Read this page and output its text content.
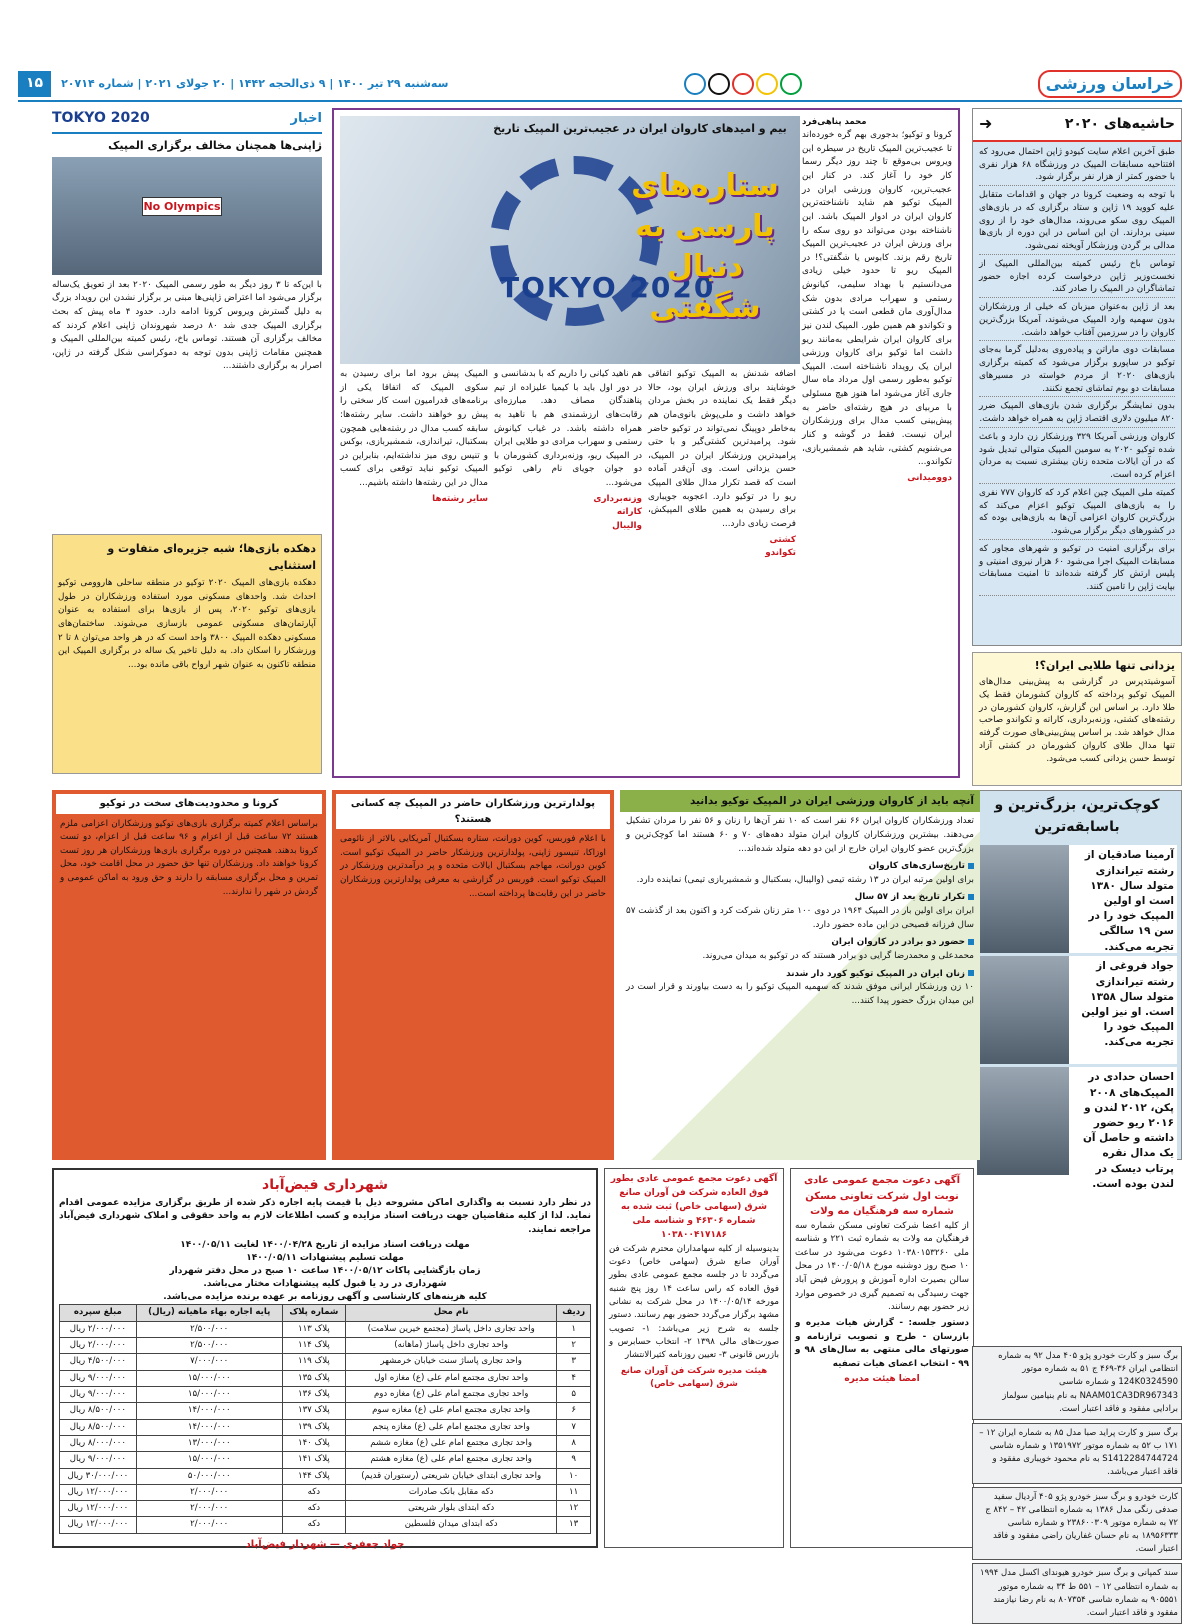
خراسان ورزشی
سه‌شنبه ۲۹ تیر ۱۴۰۰ | ۹ ذی‌الحجه ۱۴۴۲ | ۲۰ جولای ۲۰۲۱ | شماره ۲۰۷۱۴
۱۵
حاشیه‌های ۲۰۲۰
➜

طبق آخرین اعلام سایت کیودو ژاپن احتمال می‌رود که افتتاحیه مسابقات المپیک در ورزشگاه ۶۸ هزار نفری با حضور کمتر از هزار نفر برگزار شود.

با توجه به وضعیت کرونا در جهان و اقدامات متقابل علیه کووید ۱۹ ژاپن و ستاد برگزاری که در بازی‌های المپیک روی سکو می‌روند، مدال‌های خود را از روی سینی بردارند. ان این اساس در این دوره از بازی‌ها مدالی بر گردن ورزشکار آویخته نمی‌شود.

توماس باخ رئیس کمیته بین‌المللی المپیک از نخست‌وزیر ژاپن درخواست کرده اجازه حضور تماشاگران در المپیک را صادر کند.

بعد از ژاپن به‌عنوان میزبان که خیلی از ورزشکاران بدون سهمیه وارد المپیک می‌شوند، آمریکا بزرگ‌ترین کاروان را در سرزمین آفتاب خواهد داشت.

مسابقات دوی ماراتن و پیاده‌روی به‌دلیل گرما به‌جای توکیو در ساپورو برگزار می‌شود که کمیته برگزاری بازی‌های ۲۰۲۰ از مردم خواسته در مسیرهای مسابقات دو بوم تماشای تجمع نکنند.

بدون نمایشگر برگزاری شدن بازی‌های المپیک ضرر ۸۲۰ میلیون دلاری اقتصاد ژاپن به همراه خواهد داشت.

کاروان ورزشی آمریکا ۳۲۹ ورزشکار زن دارد و باعث شده توکیو ۲۰۲۰ به سومین المپیک متوالی تبدیل شود که در آن ایالات متحده زنان بیشتری نسبت به مردان اعزام کرده است.

کمیته ملی المپیک چین اعلام کرد که کاروان ۷۷۷ نفری را به بازی‌های المپیک توکیو اعزام می‌کند که بزرگ‌ترین کاروان اعزامی آن‌ها به بازی‌هایی بوده که در کشورهای دیگر برگزار می‌شود.

برای برگزاری امنیت در توکیو و شهرهای مجاور که مسابقات المپیک اجرا می‌شود ۶۰ هزار نیروی امنیتی و پلیس ارتش کار گرفته شده‌اند تا امنیت مسابقات بپایت ژاپن را تامین کنند.

یزدانی تنها طلایی ایران؟!

آسوشیتدپرس در گزارشی به پیش‌بینی مدال‌های المپیک توکیو پرداخته که کاروان کشورمان فقط یک طلا دارد. بر اساس این گزارش، کاروان کشورمان در رشته‌های کشتی، وزنه‌برداری، کاراته و تکواندو صاحب مدال خواهد شد. بر اساس پیش‌بینی‌های صورت گرفته تنها مدال طلای کاروان کشورمان در کشتی آزاد توسط حسن یزدانی کسب می‌شود.

کوچک‌ترین، بزرگ‌ترین و باسابقه‌ترین
آرمینا صادقیان از رشته تیراندازی متولد سال ۱۳۸۰ است او اولین المپیک خود را در سن ۱۹ سالگی تجربه می‌کند.
جواد فروغی از رشته تیراندازی متولد سال ۱۳۵۸ است. او نیز اولین المپیک خود را تجربه می‌کند.
احسان حدادی در المپیک‌های ۲۰۰۸ پکن، ۲۰۱۲ لندن و ۲۰۱۶ ریو حضور داشته و حاصل آن یک مدال نقره پرتاب دیسک در لندن بوده است.
TOKYO 2020
بیم و امیدهای کاروان ایران در عجیب‌ترین المپیک تاریخ
ستاره‌های پارسی به دنبال شگفتی
محمد پناهی‌فرد

کرونا و توکیو؛ بدجوری بهم گره خورده‌اند تا عجیب‌ترین المپیک تاریخ در سیطره این ویروس بی‌موقع تا چند روز دیگر رسما کار خود را آغاز کند. در کنار این عجیب‌ترین، کاروان ورزشی ایران در المپیک توکیو هم شاید ناشناخته‌ترین کاروان ایران در ادوار المپیک باشد. این ناشناخته بودن می‌تواند دو روی سکه را برای ورزش ایران در عجیب‌ترین المپیک تاریخ رقم بزند. کابوس یا شگفتی؟! در المپیک ریو تا حدود خیلی زیادی می‌دانستیم با بهداد سلیمی، کیانوش رستمی و سهراب مرادی بدون شک مدال‌آوری مان قطعی است یا در کشتی و تکواندو هم همین طور. المپیک لندن نیز برای کاروان ایران شرایطی به‌مانند ریو داشت اما توکیو برای کاروان ورزشی ایران یک رویداد ناشناخته است. المپیک توکیو به‌طور رسمی اول مرداد ماه سال جاری آغاز می‌شود اما هنوز هیچ مسئولی با مربیای در هیچ رشته‌ای حاضر به پیش‌بینی کسب مدال برای ورزشکاران ایران نیست. فقط در گوشه و کنار می‌شنویم کشتی، شاید هم شمشیربازی، تکواندو...

دوومیدانی

اضافه شدنش به المپیک توکیو اتفاقی خوشایند برای ورزش ایران بود، حالا دیگر فقط یک نماینده در بخش مردان خواهد داشت و ملی‌پوش بانوی‌مان هم به‌خاطر دوپینگ نمی‌تواند در توکیو حاضر شود. پرامیدترین کشتی‌گیر و با حتی پرامیدترین ورزشکار ایران در المپیک، حسن یزدانی است. وی آن‌قدر آماده است که قصد تکرار مدال طلای المپیک ریو را در توکیو دارد. اعجوبه جویباری برای رسیدن به همین طلای المپیکش، فرصت زیادی دارد...

کشتی
تکواندو

هم ناهید کیانی را داریم که با بدشانسی و در دور اول باید با کیمیا علیزاده از تیم پناهندگان مصاف دهد. مبارزه‌ای رقابت‌های ارزشمندی هم با ناهید به همراه داشته باشد. در غیاب کیانوش رستمی و سهراب مرادی دو طلایی ایران در المپیک ریو، وزنه‌برداری کشورمان با دو جوان جویای نام راهی توکیو می‌شود...

وزنه‌برداری
کاراته
والیبال

المپیک پیش برود اما برای رسیدن به سکوی المپیک که اتفاقا یکی از برنامه‌های قدرامیون است کار سختی را پیش رو خواهند داشت. سایر رشته‌ها: سابقه کسب مدال در رشته‌هایی همچون بسکتبال، تیراندازی، شمشیربازی، بوکس و تنیس روی میز نداشته‌ایم، بنابراین در المپیک توکیو نباید توقعی برای کسب مدال در این رشته‌ها داشته باشیم...

سایر رشته‌ها
اخبار
TOKYO 2020
ژاپنی‌ها همچنان مخالف برگزاری المپیک
No Olympics

با این‌که تا ۳ روز دیگر به طور رسمی المپیک ۲۰۲۰ بعد از تعویق یک‌ساله برگزار می‌شود اما اعتراض ژاپنی‌ها مبنی بر برگزار نشدن این رویداد بزرگ به دلیل گسترش ویروس کرونا ادامه دارد. حدود ۴ ماه پیش که بحث برگزاری المپیک جدی شد ۸۰ درصد شهروندان ژاپنی اعلام کردند که مخالف برگزاری آن هستند. توماس باخ، رئیس کمیته بین‌المللی المپیک و همچنین مقامات ژاپنی بدون توجه به دموکراسی شکل گرفته در ژاپن، اصرار به برگزاری داشتند...

دهکده بازی‌ها؛ شبه جزیره‌ای متفاوت و استثنایی

دهکده بازی‌های المپیک ۲۰۲۰ توکیو در منطقه ساحلی هاروومی توکیو احداث شد. واحدهای مسکونی مورد استفاده ورزشکاران در طول بازی‌های توکیو ۲۰۲۰، پس از بازی‌ها برای استفاده به عنوان آپارتمان‌های مسکونی عمومی بازسازی می‌شوند. ساختمان‌های مسکونی دهکده المپیک ۳۸۰۰ واحد است که در هر واحد می‌توان ۸ تا ۲ ورزشکار را اسکان داد. به دلیل تاخیر یک ساله در برگزاری المپیک این منطقه تاکنون به عنوان شهر ارواح باقی مانده بود...

آنچه باید از کاروان ورزشی ایران در المپیک توکیو بدانید

تعداد ورزشکاران کاروان ایران ۶۶ نفر است که ۱۰ نفر آن‌ها را زنان و ۵۶ نفر را مردان تشکیل می‌دهند. بیشترین ورزشکاران کاروان ایران متولد دهه‌های ۷۰ و ۶۰ هستند اما کوچک‌ترین و بزرگ‌ترین عضو کاروان ایران خارج از این دو دهه متولد شده‌اند...

تاریخ‌سازی‌های کاروان

برای اولین مرتبه ایران در ۱۳ رشته تیمی (والیبال، بسکتبال و شمشیربازی تیمی) نماینده دارد.

تکرار تاریخ بعد از ۵۷ سال

ایران برای اولین بار در المپیک ۱۹۶۴ در دوی ۱۰۰ متر زنان شرکت کرد و اکنون بعد از گذشت ۵۷ سال فرزانه فصیحی در این ماده حضور دارد.

حضور دو برادر در کاروان ایران

محمدعلی و محمدرضا گرایی دو برادر هستند که در توکیو به میدان می‌روند.

زنان ایران در المپیک توکیو کورد دار شدند

۱۰ زن ورزشکار ایرانی موفق شدند که سهمیه المپیک توکیو را به دست بیاورند و قرار است در این میدان بزرگ حضور پیدا کنند...

پولدارترین ورزشکاران حاضر در المپیک چه کسانی هستند؟

با اعلام فوربس، کوین دورانت، ستاره بسکتبال آمریکایی بالاتر از نائومی اوزاکا، تنیسور ژاپنی، پولدارترین ورزشکار حاضر در المپیک توکیو است. کوین دورانت، مهاجم بسکتبال ایالات متحده و پر درآمدترین ورزشکار در المپیک توکیو است. فوربس در گزارشی به معرفی پولدارترین ورزشکاران حاضر در این رقابت‌ها پرداخته است...

کرونا و محدودیت‌های سخت در توکیو

براساس اعلام کمیته برگزاری بازی‌های توکیو ورزشکاران اعزامی ملزم هستند ۷۲ ساعت قبل از اعزام و ۹۶ ساعت قبل از اعزام، دو تست کرونا بدهند. همچنین در دوره برگزاری بازی‌ها ورزشکاران هر روز تست کرونا خواهند داد. ورزشکاران تنها حق حضور در محل اقامت خود، محل تمرین و محل برگزاری مسابقه را دارند و حق ورود به اماکن عمومی و گردش در شهر را ندارند...

شهرداری فیض‌آباد

در نظر دارد نسبت به واگذاری اماکن مشروحه ذیل با قیمت پایه اجاره ذکر شده از طریق برگزاری مزایده عمومی اقدام نماید. لذا از کلیه متقاضیان جهت دریافت اسناد مزایده و کسب اطلاعات لازم به واحد حقوقی و املاک شهرداری فیض‌آباد مراجعه نمایند.

مهلت دریافت اسناد مزایده از تاریخ ۱۴۰۰/۰۴/۲۸ لغایت ۱۴۰۰/۰۵/۱۱
مهلت تسلیم پیشنهادات ۱۴۰۰/۰۵/۱۱
زمان بازگشایی پاکات ۱۴۰۰/۰۵/۱۲ ساعت ۱۰ صبح در محل دفتر شهردار
شهرداری در رد یا قبول کلیه پیشنهادات مختار می‌باشد.
کلیه هزینه‌های کارشناسی و آگهی روزنامه بر عهده برنده مزایده می‌باشد.
ردیف	نام محل	شماره پلاک	پایه اجاره بهاء ماهیانه (ریال)	مبلغ سپرده
۱	واحد تجاری داخل پاساژ (مجتمع خیرین سلامت)	پلاک ۱۱۳	۲/۵۰۰/۰۰۰	۲/۰۰۰/۰۰۰ ریال
۲	واحد تجاری داخل پاساژ (ماهانه)	پلاک ۱۱۴	۲/۵۰۰/۰۰۰	۲/۰۰۰/۰۰۰ ریال
۳	واحد تجاری پاساژ سنت خیابان خرمشهر	پلاک ۱۱۹	۷/۰۰۰/۰۰۰	۴/۵۰۰/۰۰۰ ریال
۴	واحد تجاری مجتمع امام علی (ع) مغازه اول	پلاک ۱۳۵	۱۵/۰۰۰/۰۰۰	۹/۰۰۰/۰۰۰ ریال
۵	واحد تجاری مجتمع امام علی (ع) مغازه دوم	پلاک ۱۳۶	۱۵/۰۰۰/۰۰۰	۹/۰۰۰/۰۰۰ ریال
۶	واحد تجاری مجتمع امام علی (ع) مغازه سوم	پلاک ۱۳۷	۱۴/۰۰۰/۰۰۰	۸/۵۰۰/۰۰۰ ریال
۷	واحد تجاری مجتمع امام علی (ع) مغازه پنجم	پلاک ۱۳۹	۱۴/۰۰۰/۰۰۰	۸/۵۰۰/۰۰۰ ریال
۸	واحد تجاری مجتمع امام علی (ع) مغازه ششم	پلاک ۱۴۰	۱۳/۰۰۰/۰۰۰	۸/۰۰۰/۰۰۰ ریال
۹	واحد تجاری مجتمع امام علی (ع) مغازه هشتم	پلاک ۱۴۱	۱۵/۰۰۰/۰۰۰	۹/۰۰۰/۰۰۰ ریال
۱۰	واحد تجاری ابتدای خیابان شریعتی (رستوران قدیم)	پلاک ۱۴۴	۵۰/۰۰۰/۰۰۰	۳۰/۰۰۰/۰۰۰ ریال
۱۱	دکه مقابل بانک صادرات	دکه	۲/۰۰۰/۰۰۰	۱۲/۰۰۰/۰۰۰ ریال
۱۲	دکه ابتدای بلوار شریعتی	دکه	۲/۰۰۰/۰۰۰	۱۲/۰۰۰/۰۰۰ ریال
۱۳	دکه ابتدای میدان فلسطین	دکه	۲/۰۰۰/۰۰۰	۱۲/۰۰۰/۰۰۰ ریال
جواد جعفری — شهردار فیض‌آباد
آگهی دعوت مجمع عمومی عادی بطور فوق العاده شرکت فن آوران صانع شرق (سهامی خاص) ثبت شده به شماره ۴۶۳۰۶ و شناسه ملی ۱۰۳۸۰۰۴۱۷۱۸۶

بدینوسیله از کلیه سهامداران محترم شرکت فن آوران صانع شرق (سهامی خاص) دعوت می‌گردد تا در جلسه مجمع عمومی عادی بطور فوق العاده که راس ساعت ۱۴ روز پنج شنبه مورخه ۱۴۰۰/۰۵/۱۴ در محل شرکت به نشانی مشهد برگزار می‌گردد حضور بهم رسانند. دستور جلسه به شرح زیر می‌باشد: ۱- تصویب صورت‌های مالی ۱۳۹۸ ۲- انتخاب حسابرس و بازرس قانونی ۳- تعیین روزنامه کثیرالانتشار

هیئت مدیره شرکت فن آوران صانع شرق (سهامی خاص)
آگهی دعوت مجمع عمومی عادی نوبت اول شرکت تعاونی مسکن شماره سه فرهنگیان مه ولات

از کلیه اعضا شرکت تعاونی مسکن شماره سه فرهنگیان مه ولات به شماره ثبت ۲۲۱ و شناسه ملی ۱۰۳۸۰۱۵۳۲۶۰ دعوت می‌شود در ساعت ۱۰ صبح روز دوشنبه مورخ ۱۴۰۰/۰۵/۱۸ در محل سالن بصیرت اداره آموزش و پرورش فیض آباد جهت رسیدگی به تصمیم گیری در خصوص موارد زیر حضور بهم رسانند.

دستور جلسه: - گزارش هیات مدیره و بازرسان - طرح و تصویب ترازنامه و صورتهای مالی منتهی به سال‌های ۹۸ و ۹۹ - انتخاب اعضای هیات تصفیه

امضا هیئت مدیره
برگ سبز و کارت خودرو پژو ۴۰۵ مدل ۹۲ به شماره انتظامی ایران ۳۶-۴۶۹ ج ۵۱ به شماره موتور 124K0324590 و شماره شاسی NAAM01CA3DR967343 به نام بنیامین سولماز برادایی مفقود و فاقد اعتبار است.
برگ سبز و کارت پراید صبا مدل ۸۵ به شماره ایران ۱۲ – ۱۷۱ ب ۵۲ به شماره موتور ۱۳۵۱۹۷۲ و شماره شاسی S1412284744724 به نام محمود خویباری مفقود و فاقد اعتبار می‌باشد.
کارت خودرو و برگ سبز خودرو پژو ۴۰۵ آردیال سفید صدفی رنگی مدل ۱۳۸۶ به شماره انتظامی ۴۲ – ۸۴۲ ج ۷۲ به شماره موتور ۲۳۸۶۰۰۳۰۹ و شماره شاسی ۱۸۹۵۶۳۳۳ به نام حسان غفاریان راضی مفقود و فاقد اعتبار است.
سند کمپانی و برگ سبز خودرو هیوندای اکسل مدل ۱۹۹۴ به شماره انتظامی ۱۲ – ۵۵۱ ط ۳۴ به شماره موتور ۹۰۵۵۵۱ به شماره شاسی ۸۰۷۳۵۴ به نام رضا نیازمند مفقود و فاقد اعتبار است.
